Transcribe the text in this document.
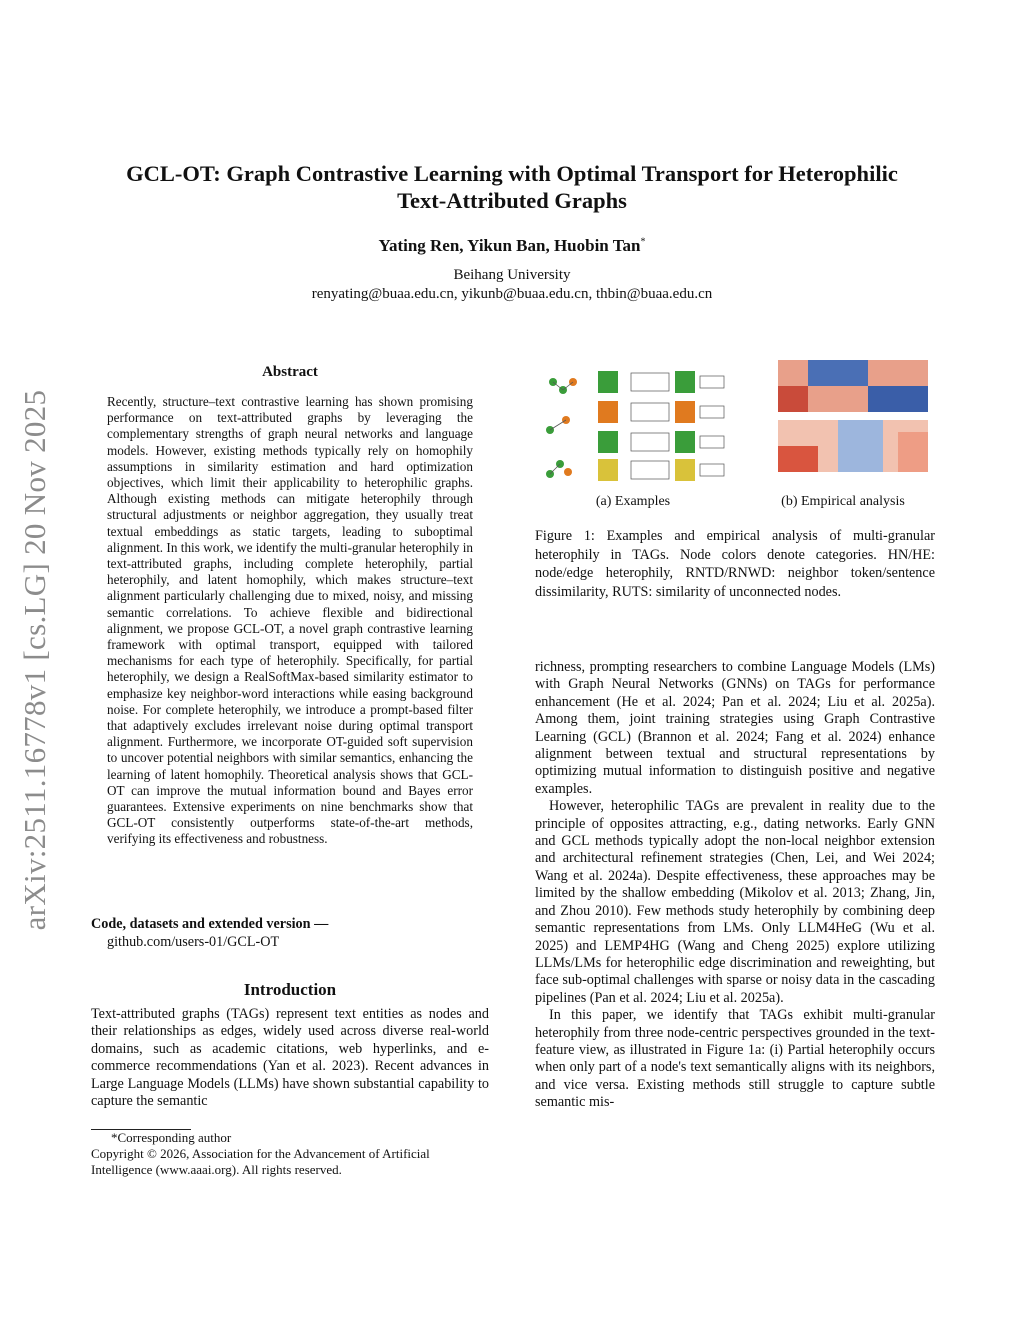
arXiv:2511.16778v1 [cs.LG] 20 Nov 2025
GCL-OT: Graph Contrastive Learning with Optimal Transport for Heterophilic
Text-Attributed Graphs
Yating Ren, Yikun Ban, Huobin Tan*
Beihang University
renyating@buaa.edu.cn, yikunb@buaa.edu.cn, thbin@buaa.edu.cn
Abstract
Recently, structure–text contrastive learning has shown promising performance on text-attributed graphs by leveraging the complementary strengths of graph neural networks and language models. However, existing methods typically rely on homophily assumptions in similarity estimation and hard optimization objectives, which limit their applicability to heterophilic graphs. Although existing methods can mitigate heterophily through structural adjustments or neighbor aggregation, they usually treat textual embeddings as static targets, leading to suboptimal alignment. In this work, we identify the multi-granular heterophily in text-attributed graphs, including complete heterophily, partial heterophily, and latent homophily, which makes structure–text alignment particularly challenging due to mixed, noisy, and missing semantic correlations. To achieve flexible and bidirectional alignment, we propose GCL-OT, a novel graph contrastive learning framework with optimal transport, equipped with tailored mechanisms for each type of heterophily. Specifically, for partial heterophily, we design a RealSoftMax-based similarity estimator to emphasize key neighbor-word interactions while easing background noise. For complete heterophily, we introduce a prompt-based filter that adaptively excludes irrelevant noise during optimal transport alignment. Furthermore, we incorporate OT-guided soft supervision to uncover potential neighbors with similar semantics, enhancing the learning of latent homophily. Theoretical analysis shows that GCL-OT can improve the mutual information bound and Bayes error guarantees. Extensive experiments on nine benchmarks show that GCL-OT consistently outperforms state-of-the-art methods, verifying its effectiveness and robustness.
Code, datasets and extended version —
github.com/users-01/GCL-OT
Introduction
Text-attributed graphs (TAGs) represent text entities as nodes and their relationships as edges, widely used across diverse real-world domains, such as academic citations, web hyperlinks, and e-commerce recommendations (Yan et al. 2023). Recent advances in Large Language Models (LLMs) have shown substantial capability to capture the semantic
*Corresponding author
Copyright © 2026, Association for the Advancement of Artificial Intelligence (www.aaai.org). All rights reserved.
(a) Examples	(b) Empirical analysis
Figure 1: Examples and empirical analysis of multi-granular heterophily in TAGs. Node colors denote categories. HN/HE: node/edge heterophily, RNTD/RNWD: neighbor token/sentence dissimilarity, RUTS: similarity of unconnected nodes.

richness, prompting researchers to combine Language Models (LMs) with Graph Neural Networks (GNNs) on TAGs for performance enhancement (He et al. 2024; Pan et al. 2024; Liu et al. 2025a). Among them, joint training strategies using Graph Contrastive Learning (GCL) (Brannon et al. 2024; Fang et al. 2024) enhance alignment between textual and structural representations by optimizing mutual information to distinguish positive and negative examples.

However, heterophilic TAGs are prevalent in reality due to the principle of opposites attracting, e.g., dating networks. Early GNN and GCL methods typically adopt the non-local neighbor extension and architectural refinement strategies (Chen, Lei, and Wei 2024; Wang et al. 2024a). Despite effectiveness, these approaches may be limited by the shallow embedding (Mikolov et al. 2013; Zhang, Jin, and Zhou 2010). Few methods study heterophily by combining deep semantic representations from LMs. Only LLM4HeG (Wu et al. 2025) and LEMP4HG (Wang and Cheng 2025) explore utilizing LLMs/LMs for heterophilic edge discrimination and reweighting, but face sub-optimal challenges with sparse or noisy data in the cascading pipelines (Pan et al. 2024; Liu et al. 2025a).

In this paper, we identify that TAGs exhibit multi-granular heterophily from three node-centric perspectives grounded in the text-feature view, as illustrated in Figure 1a: (i) Partial heterophily occurs when only part of a node's text semantically aligns with its neighbors, and vice versa. Existing methods still struggle to capture subtle semantic mis-
